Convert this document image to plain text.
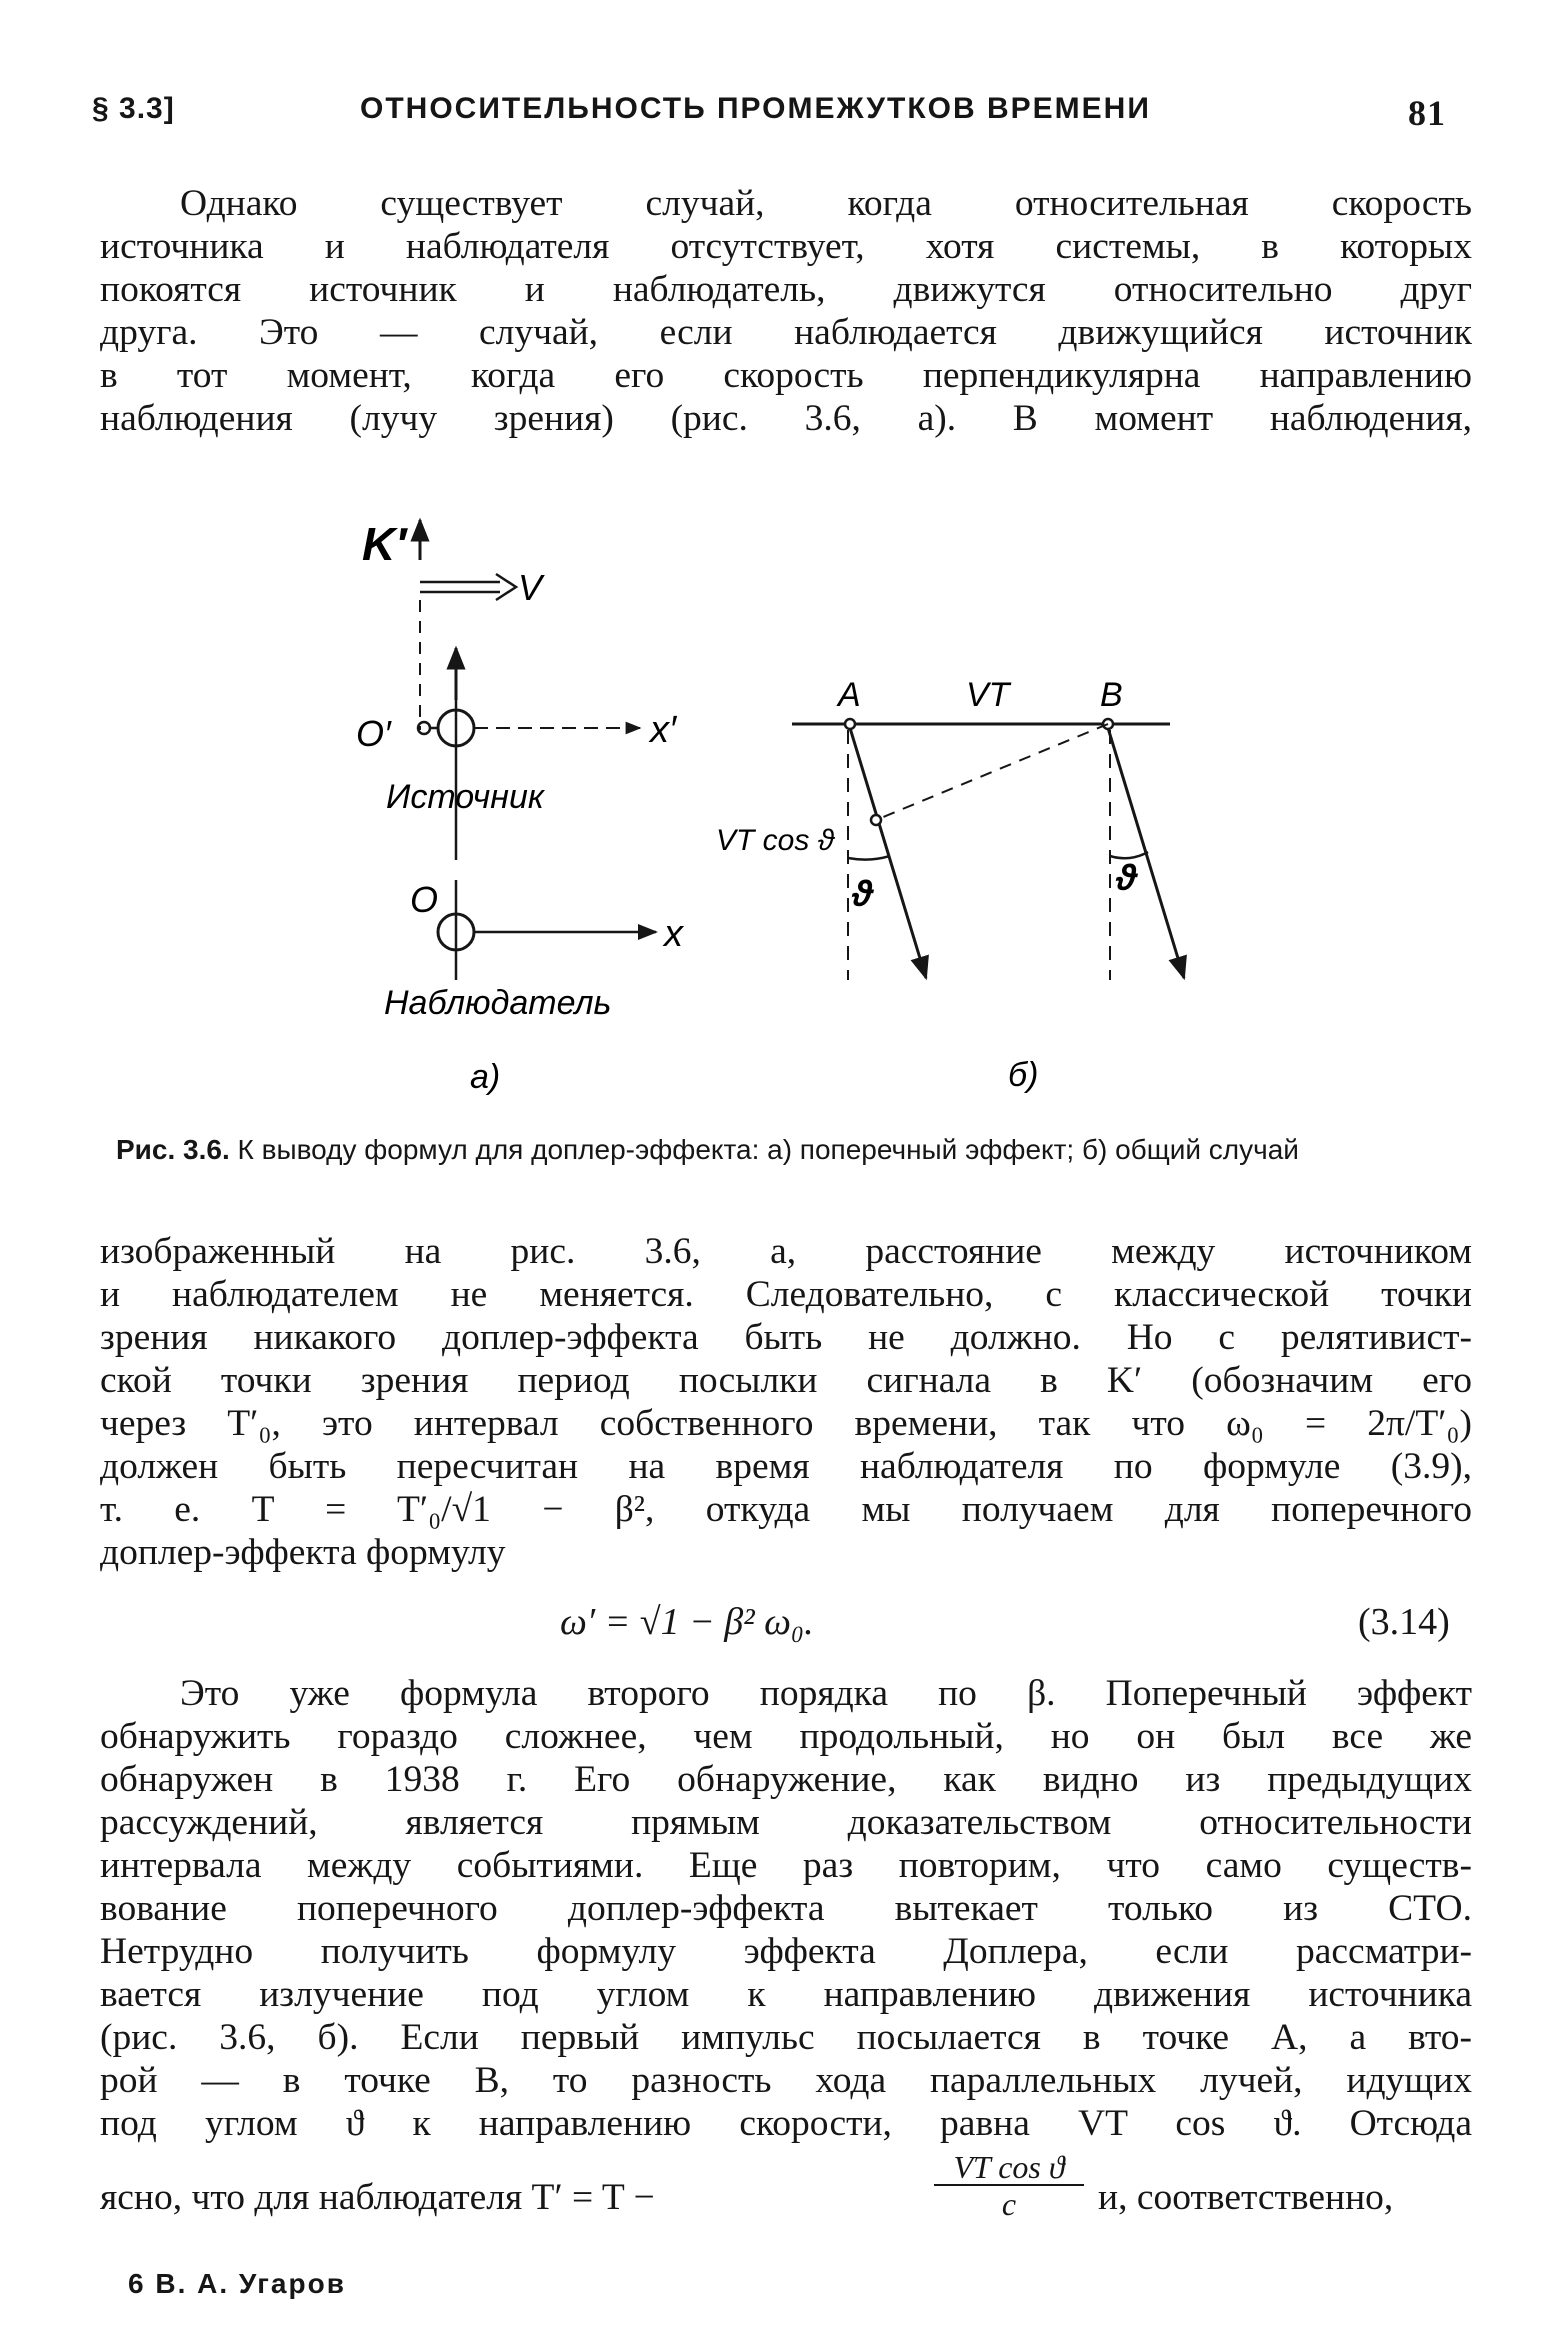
§ 3.3]	ОТНОСИТЕЛЬНОСТЬ ПРОМЕЖУТКОВ ВРЕМЕНИ	81
Однако существует случай, когда относительная скорость
источника и наблюдателя отсутствует, хотя системы, в которых
покоятся источник и наблюдатель, движутся относительно друг
друга. Это — случай, если наблюдается движущийся источник
в тот момент, когда его скорость перпендикулярна направлению
наблюдения (лучу зрения) (рис. 3.6, а). В момент наблюдения,
K′
V
O′	x′
Источник
O
x
Наблюдатель
а)
A	B
VT
VT cos ϑ
ϑ	ϑ
б)
Рис. 3.6. К выводу формул для доплер-эффекта: а) поперечный эффект; б) общий случай
изображенный на рис. 3.6, а, расстояние между источником
и наблюдателем не меняется. Следовательно, с классической точки
зрения никакого доплер-эффекта быть не должно. Но с релятивист-
ской точки зрения период посылки сигнала в K′ (обозначим его
через T′₀, это интервал собственного времени, так что ω₀ = 2π/T′₀)
должен быть пересчитан на время наблюдателя по формуле (3.9),
т. е. T = T′₀/√1 − β², откуда мы получаем для поперечного
доплер-эффекта формулу
ω′ = √1 − β² ω₀.	(3.14)
Это уже формула второго порядка по β. Поперечный эффект
обнаружить гораздо сложнее, чем продольный, но он был все же
обнаружен в 1938 г. Его обнаружение, как видно из предыдущих
рассуждений, является прямым доказательством относительности
интервала между событиями. Еще раз повторим, что само существ-
вование поперечного доплер-эффекта вытекает только из СТО.
Нетрудно получить формулу эффекта Доплера, если рассматри-
вается излучение под углом к направлению движения источника
(рис. 3.6, б). Если первый импульс посылается в точке A, а вто-
рой — в точке B, то разность хода параллельных лучей, идущих
под углом ϑ к направлению скорости, равна VT cos ϑ. Отсюда
ясно, что для наблюдателя T′ = T −	$\frac{\text{VT cos ϑ}}{c} и$, соответственно,
6 В. А. Угаров
